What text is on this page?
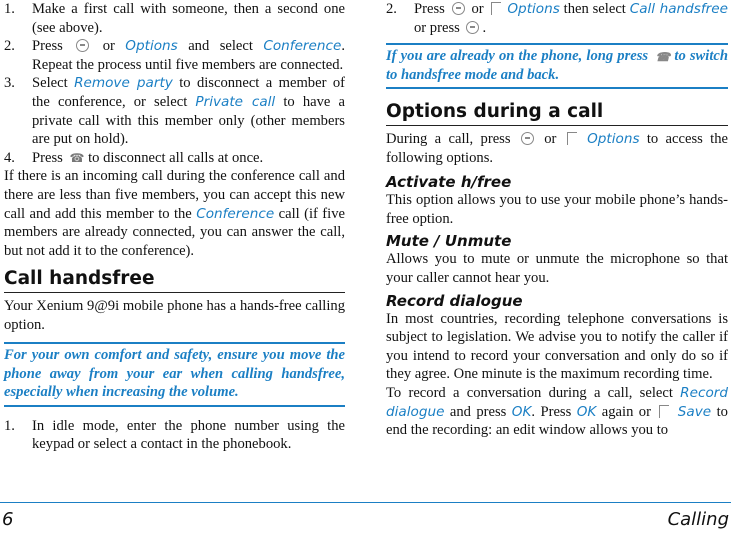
1. Make a first call with someone, then a second one (see above).
2. Press	or Options and select Conference. Repeat the process until five members are connected.
3. Select Remove party to disconnect a member of the conference, or select Private call to have a private call with this member only (other members are put on hold).
4. Press ☎ to disconnect all calls at once.

If there is an incoming call during the conference call and there are less than five members, you can accept this new call and add this member to the Conference call (if five members are already connected, you can answer the call, but not add it to the conference).

Call handsfree

Your Xenium 9@9i mobile phone has a hands-free calling option.

For your own comfort and safety, ensure you move the phone away from your ear when calling handsfree, especially when increasing the volume.
1. In idle mode, enter the phone number using the keypad or select a contact in the phonebook.
2. Press or Options then select Call handsfree or press .
If you are already on the phone, long press ☎ to switch to handsfree mode and back.
Options during a call

During a call, press or Options to access the following options.

Activate h/free

This option allows you to use your mobile phone’s hands-free option.

Mute / Unmute

Allows you to mute or unmute the microphone so that your caller cannot hear you.

Record dialogue

In most countries, recording telephone conversations is subject to legislation. We advise you to notify the caller if you intend to record your conversation and only do so if they agree. One minute is the maximum recording time.

To record a conversation during a call, select Record dialogue and press OK. Press OK again or Save to end the recording: an edit window allows you to

6	Calling
